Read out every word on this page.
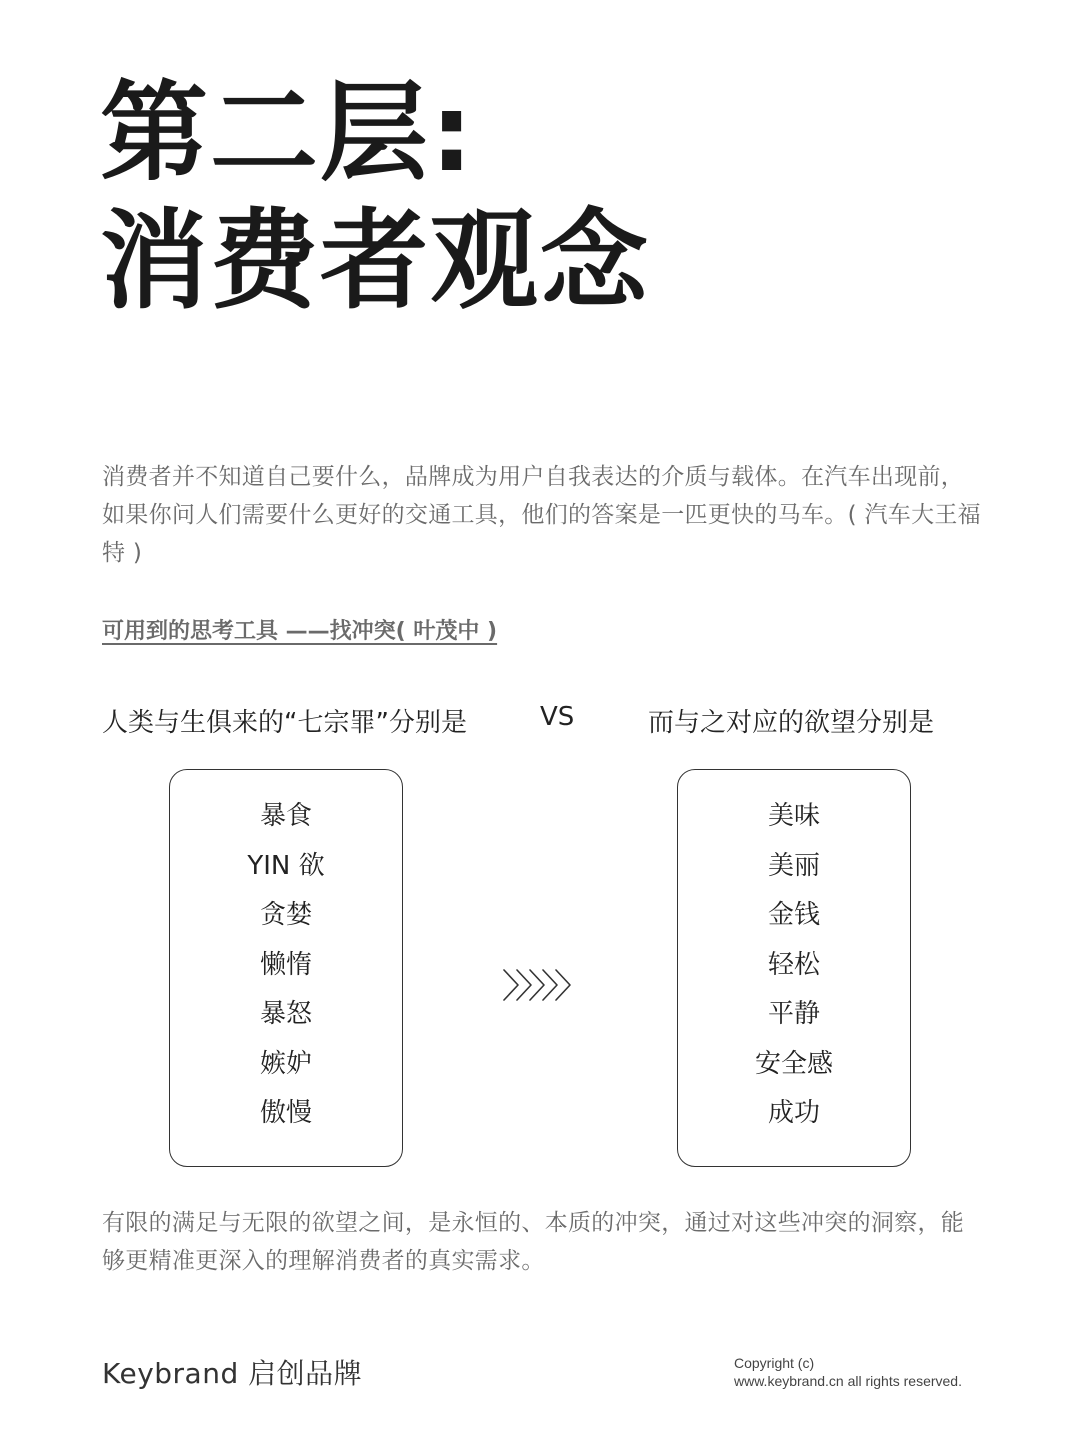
第二层:
消费者观念

消费者并不知道自己要什么，品牌成为用户自我表达的介质与载体。在汽车出现前，如果你问人们需要什么更好的交通工具，他们的答案是一匹更快的马车。( 汽车大王福特 )

可用到的思考工具 ——找冲突( 叶茂中 )

人类与生俱来的“七宗罪”分别是	VS	而与之对应的欲望分别是

暴食
YIN 欲
贪婪
懒惰
暴怒
嫉妒
傲慢
美味
美丽
金钱
轻松
平静
安全感
成功

有限的满足与无限的欲望之间，是永恒的、本质的冲突，通过对这些冲突的洞察，能够更精准更深入的理解消费者的真实需求。

Keybrand 启创品牌	Copyright (c)
www.keybrand.cn all rights reserved.
